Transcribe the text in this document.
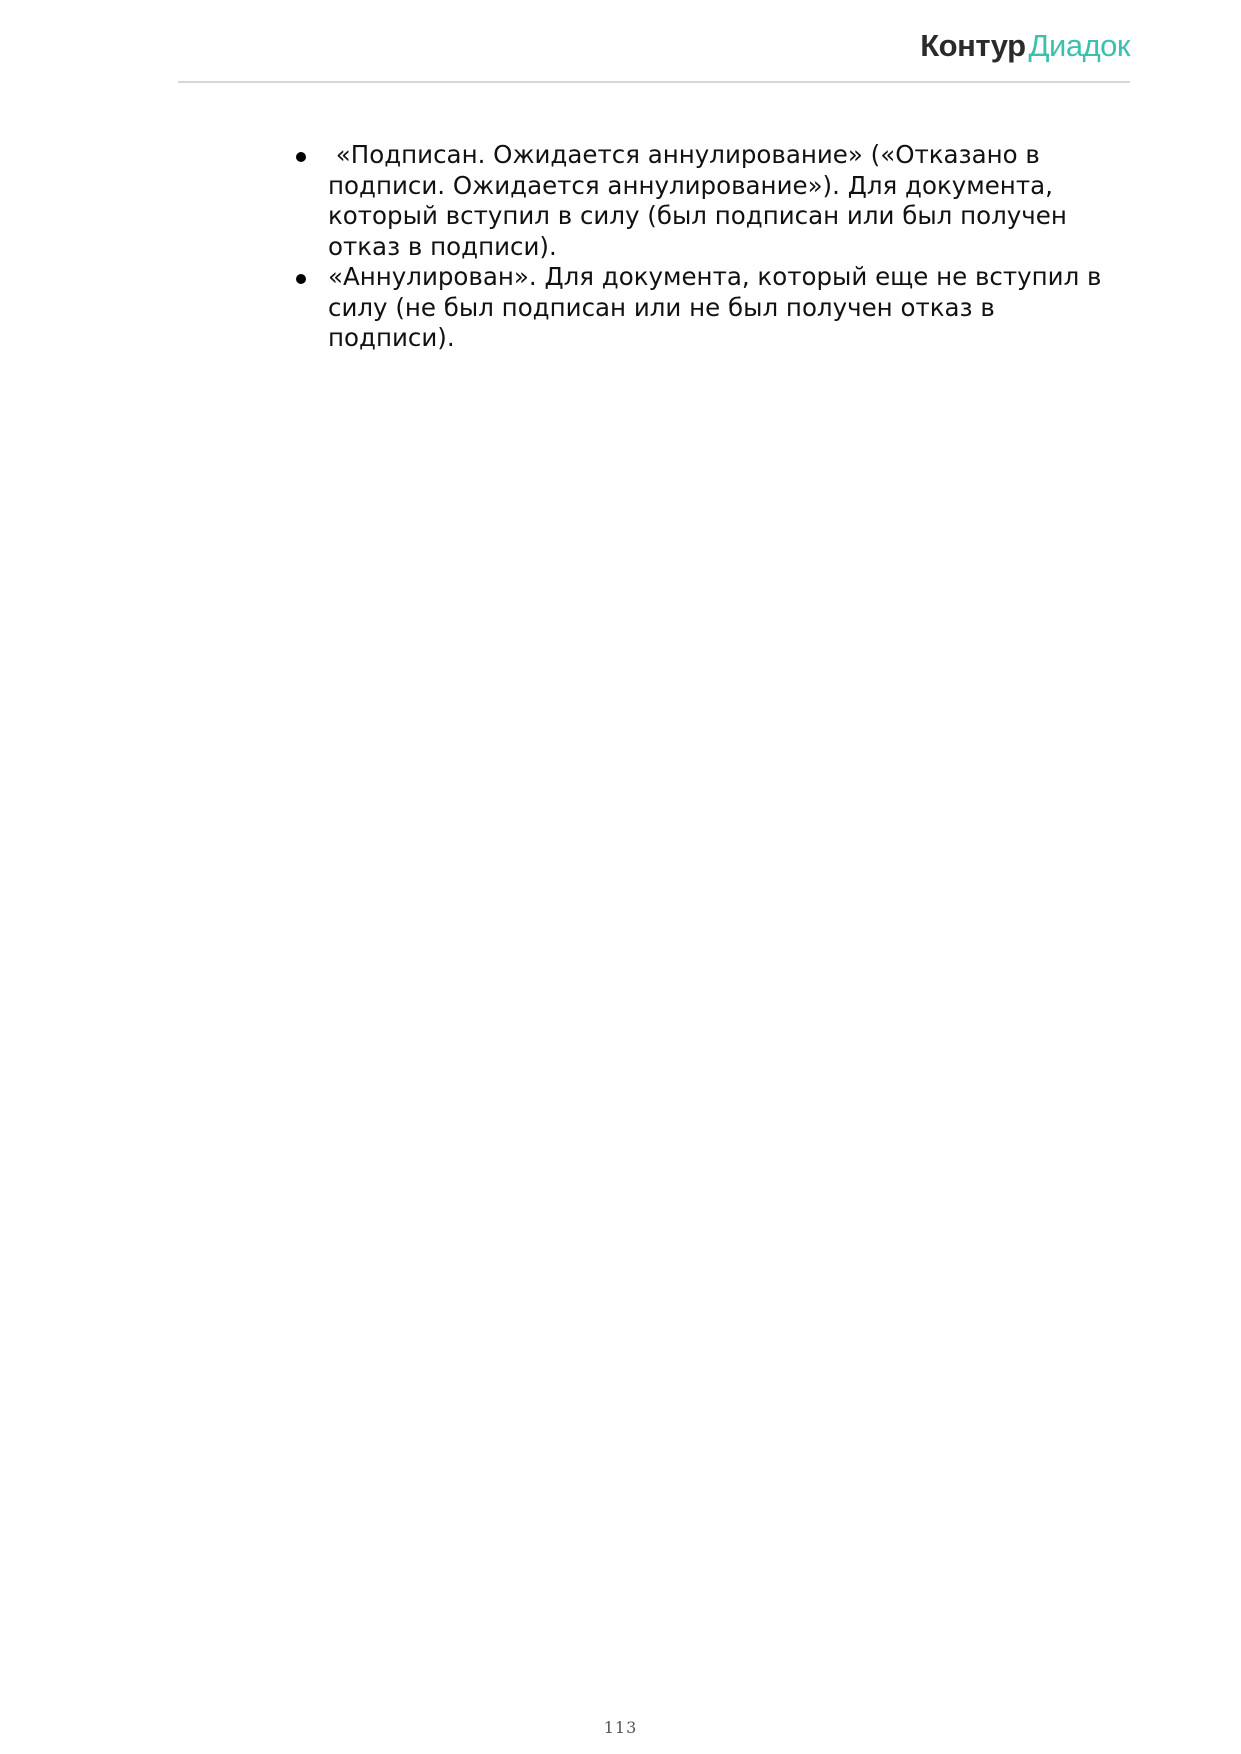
КонтурДиадок
«Подписан. Ожидается аннулирование» («Отказано в подписи. Ожидается аннулирование»). Для документа, который вступил в силу (был подписан или был получен отказ в подписи).
«Аннулирован». Для документа, который еще не вступил в силу (не был подписан или не был получен отказ в подписи).
113
